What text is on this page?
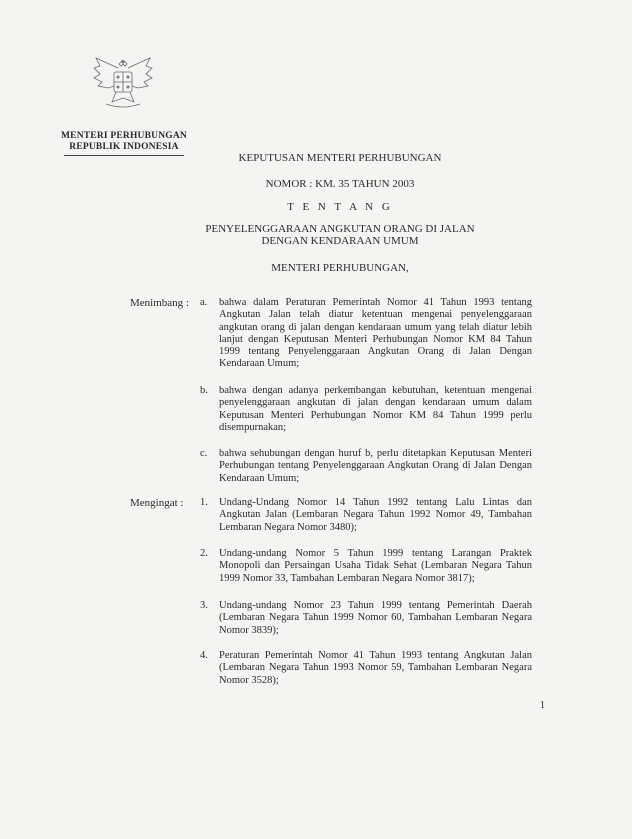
MENTERI PERHUBUNGAN
REPUBLIK INDONESIA
KEPUTUSAN MENTERI PERHUBUNGAN
NOMOR : KM. 35 TAHUN 2003
T E N T A N G
PENYELENGGARAAN ANGKUTAN ORANG DI JALAN
DENGAN KENDARAAN UMUM
MENTERI PERHUBUNGAN,
Menimbang : a.	bahwa dalam Peraturan Pemerintah Nomor 41 Tahun 1993 tentang Angkutan Jalan telah diatur ketentuan mengenai penyelenggaraan angkutan orang di jalan dengan kendaraan umum yang telah diatur lebih lanjut dengan Keputusan Menteri Perhubungan Nomor KM 84 Tahun 1999 tentang Penyelenggaraan Angkutan Orang di Jalan Dengan Kendaraan Umum;
b.	bahwa dengan adanya perkembangan kebutuhan, ketentuan mengenai penyelenggaraan angkutan di jalan dengan kendaraan umum dalam Keputusan Menteri Perhubungan Nomor KM 84 Tahun 1999 perlu disempurnakan;
c.	bahwa sehubungan dengan huruf b, perlu ditetapkan Keputusan Menteri Perhubungan tentang Penyelenggaraan Angkutan Orang di Jalan Dengan Kendaraan Umum;
Mengingat : 1.	Undang-Undang Nomor 14 Tahun 1992 tentang Lalu Lintas dan Angkutan Jalan (Lembaran Negara Tahun 1992 Nomor 49, Tambahan Lembaran Negara Nomor 3480);
2.	Undang-undang Nomor 5 Tahun 1999 tentang Larangan Praktek Monopoli dan Persaingan Usaha Tidak Sehat (Lembaran Negara Tahun 1999 Nomor 33, Tambahan Lembaran Negara Nomor 3817);
3.	Undang-undang Nomor 23 Tahun 1999 tentang Pemerintah Daerah (Lembaran Negara Tahun 1999 Nomor 60, Tambahan Lembaran Negara Nomor 3839);
4.	Peraturan Pemerintah Nomor 41 Tahun 1993 tentang Angkutan Jalan (Lembaran Negara Tahun 1993 Nomor 59, Tambahan Lembaran Negara Nomor 3528);
1
